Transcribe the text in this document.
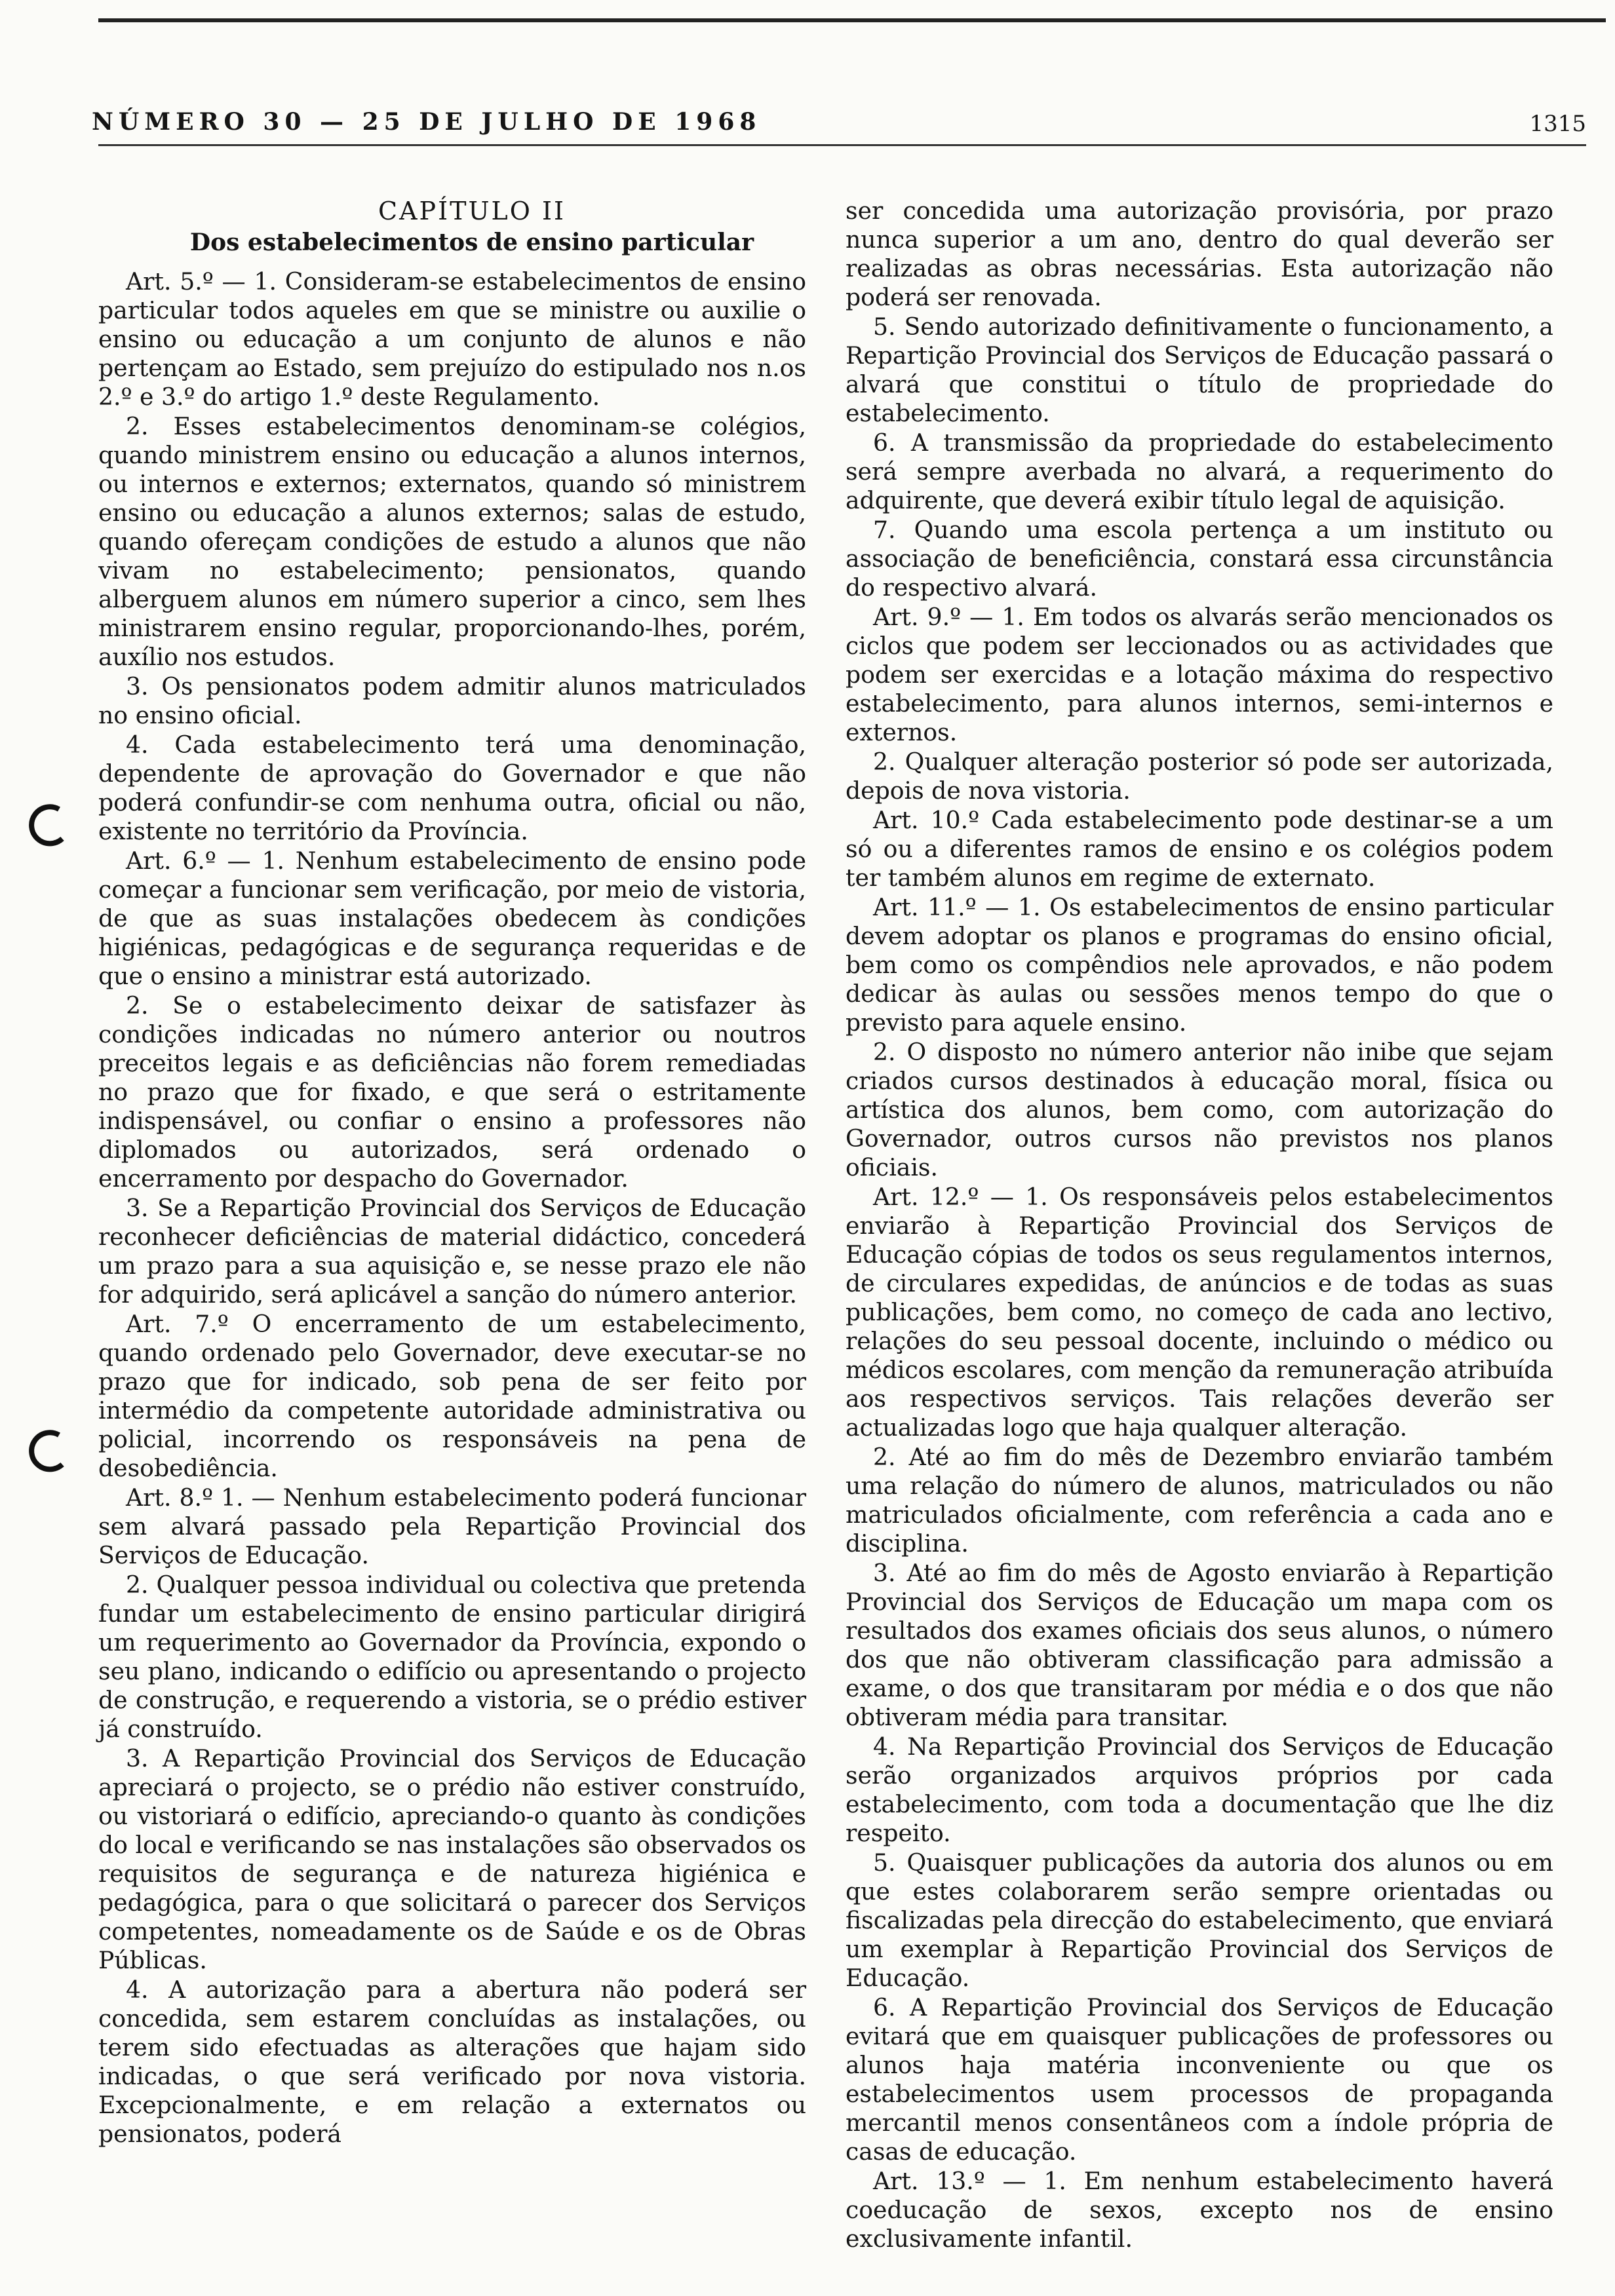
NÚMERO 30 — 25 DE JULHO DE 1968	1315
CAPÍTULO II
Dos estabelecimentos de ensino particular

Art. 5.º — 1. Consideram-se estabelecimentos de ensino particular todos aqueles em que se ministre ou auxilie o ensino ou educação a um conjunto de alunos e não pertençam ao Estado, sem prejuízo do estipulado nos n.os 2.º e 3.º do artigo 1.º deste Regulamento.

2. Esses estabelecimentos denominam-se colégios, quando ministrem ensino ou educação a alunos internos, ou internos e externos; externatos, quando só ministrem ensino ou educação a alunos externos; salas de estudo, quando ofereçam condições de estudo a alunos que não vivam no estabelecimento; pensionatos, quando alberguem alunos em número superior a cinco, sem lhes ministrarem ensino regular, proporcionando-lhes, porém, auxílio nos estudos.

3. Os pensionatos podem admitir alunos matriculados no ensino oficial.

4. Cada estabelecimento terá uma denominação, dependente de aprovação do Governador e que não poderá confundir-se com nenhuma outra, oficial ou não, existente no território da Província.

Art. 6.º — 1. Nenhum estabelecimento de ensino pode começar a funcionar sem verificação, por meio de vistoria, de que as suas instalações obedecem às condições higiénicas, pedagógicas e de segurança requeridas e de que o ensino a ministrar está autorizado.

2. Se o estabelecimento deixar de satisfazer às condições indicadas no número anterior ou noutros preceitos legais e as deficiências não forem remediadas no prazo que for fixado, e que será o estritamente indispensável, ou confiar o ensino a professores não diplomados ou autorizados, será ordenado o encerramento por despacho do Governador.

3. Se a Repartição Provincial dos Serviços de Educação reconhecer deficiências de material didáctico, concederá um prazo para a sua aquisição e, se nesse prazo ele não for adquirido, será aplicável a sanção do número anterior.

Art. 7.º O encerramento de um estabelecimento, quando ordenado pelo Governador, deve executar-se no prazo que for indicado, sob pena de ser feito por intermédio da competente autoridade administrativa ou policial, incorrendo os responsáveis na pena de desobediência.

Art. 8.º 1. — Nenhum estabelecimento poderá funcionar sem alvará passado pela Repartição Provincial dos Serviços de Educação.

2. Qualquer pessoa individual ou colectiva que pretenda fundar um estabelecimento de ensino particular dirigirá um requerimento ao Governador da Província, expondo o seu plano, indicando o edifício ou apresentando o projecto de construção, e requerendo a vistoria, se o prédio estiver já construído.

3. A Repartição Provincial dos Serviços de Educação apreciará o projecto, se o prédio não estiver construído, ou vistoriará o edifício, apreciando-o quanto às condições do local e verificando se nas instalações são observados os requisitos de segurança e de natureza higiénica e pedagógica, para o que solicitará o parecer dos Serviços competentes, nomeadamente os de Saúde e os de Obras Públicas.

4. A autorização para a abertura não poderá ser concedida, sem estarem concluídas as instalações, ou terem sido efectuadas as alterações que hajam sido indicadas, o que será verificado por nova vistoria. Excepcionalmente, e em relação a externatos ou pensionatos, poderá

ser concedida uma autorização provisória, por prazo nunca superior a um ano, dentro do qual deverão ser realizadas as obras necessárias. Esta autorização não poderá ser renovada.

5. Sendo autorizado definitivamente o funcionamento, a Repartição Provincial dos Serviços de Educação passará o alvará que constitui o título de propriedade do estabelecimento.

6. A transmissão da propriedade do estabelecimento será sempre averbada no alvará, a requerimento do adquirente, que deverá exibir título legal de aquisição.

7. Quando uma escola pertença a um instituto ou associação de beneficiência, constará essa circunstância do respectivo alvará.

Art. 9.º — 1. Em todos os alvarás serão mencionados os ciclos que podem ser leccionados ou as actividades que podem ser exercidas e a lotação máxima do respectivo estabelecimento, para alunos internos, semi-internos e externos.

2. Qualquer alteração posterior só pode ser autorizada, depois de nova vistoria.

Art. 10.º Cada estabelecimento pode destinar-se a um só ou a diferentes ramos de ensino e os colégios podem ter também alunos em regime de externato.

Art. 11.º — 1. Os estabelecimentos de ensino particular devem adoptar os planos e programas do ensino oficial, bem como os compêndios nele aprovados, e não podem dedicar às aulas ou sessões menos tempo do que o previsto para aquele ensino.

2. O disposto no número anterior não inibe que sejam criados cursos destinados à educação moral, física ou artística dos alunos, bem como, com autorização do Governador, outros cursos não previstos nos planos oficiais.

Art. 12.º — 1. Os responsáveis pelos estabelecimentos enviarão à Repartição Provincial dos Serviços de Educação cópias de todos os seus regulamentos internos, de circulares expedidas, de anúncios e de todas as suas publicações, bem como, no começo de cada ano lectivo, relações do seu pessoal docente, incluindo o médico ou médicos escolares, com menção da remuneração atribuída aos respectivos serviços. Tais relações deverão ser actualizadas logo que haja qualquer alteração.

2. Até ao fim do mês de Dezembro enviarão também uma relação do número de alunos, matriculados ou não matriculados oficialmente, com referência a cada ano e disciplina.

3. Até ao fim do mês de Agosto enviarão à Repartição Provincial dos Serviços de Educação um mapa com os resultados dos exames oficiais dos seus alunos, o número dos que não obtiveram classificação para admissão a exame, o dos que transitaram por média e o dos que não obtiveram média para transitar.

4. Na Repartição Provincial dos Serviços de Educação serão organizados arquivos próprios por cada estabelecimento, com toda a documentação que lhe diz respeito.

5. Quaisquer publicações da autoria dos alunos ou em que estes colaborarem serão sempre orientadas ou fiscalizadas pela direcção do estabelecimento, que enviará um exemplar à Repartição Provincial dos Serviços de Educação.

6. A Repartição Provincial dos Serviços de Educação evitará que em quaisquer publicações de professores ou alunos haja matéria inconveniente ou que os estabelecimentos usem processos de propaganda mercantil menos consentâneos com a índole própria de casas de educação.

Art. 13.º — 1. Em nenhum estabelecimento haverá coeducação de sexos, excepto nos de ensino exclusivamente infantil.
